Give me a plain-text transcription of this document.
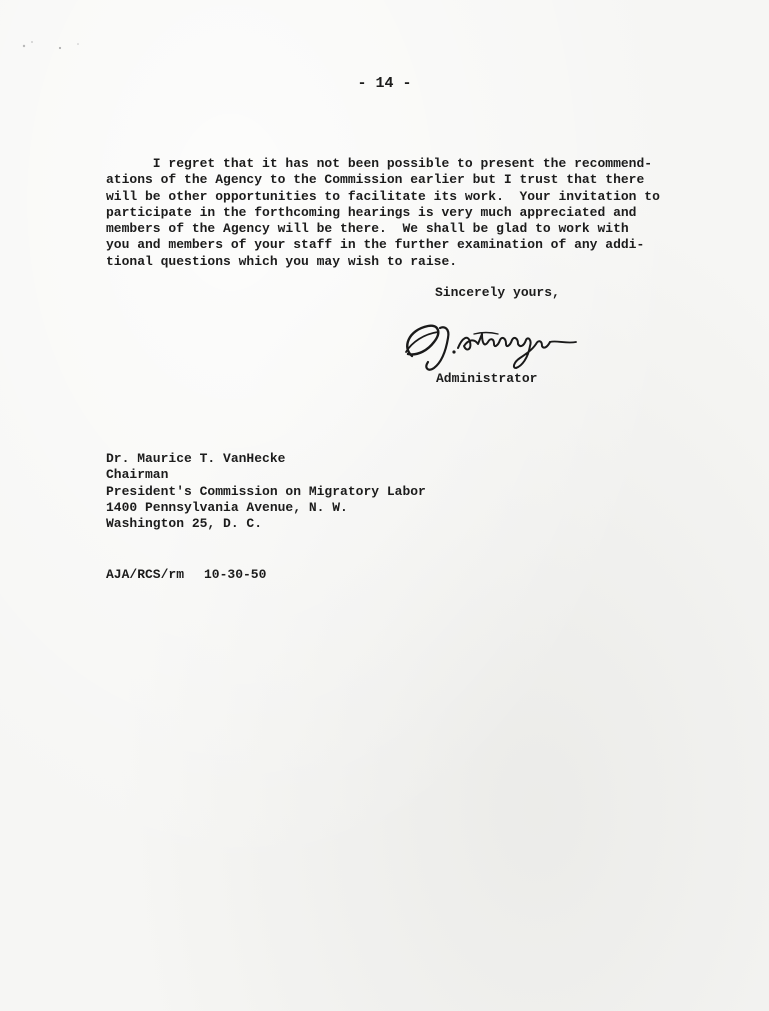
- 14 -
I regret that it has not been possible to present the recommend-
ations of the Agency to the Commission earlier but I trust that there
will be other opportunities to facilitate its work.  Your invitation to
participate in the forthcoming hearings is very much appreciated and
members of the Agency will be there.  We shall be glad to work with
you and members of your staff in the further examination of any addi-
tional questions which you may wish to raise.
Sincerely yours,
Administrator
Dr. Maurice T. VanHecke
Chairman
President's Commission on Migratory Labor
1400 Pennsylvania Avenue, N. W.
Washington 25, D. C.
AJA/RCS/rm 10-30-50
